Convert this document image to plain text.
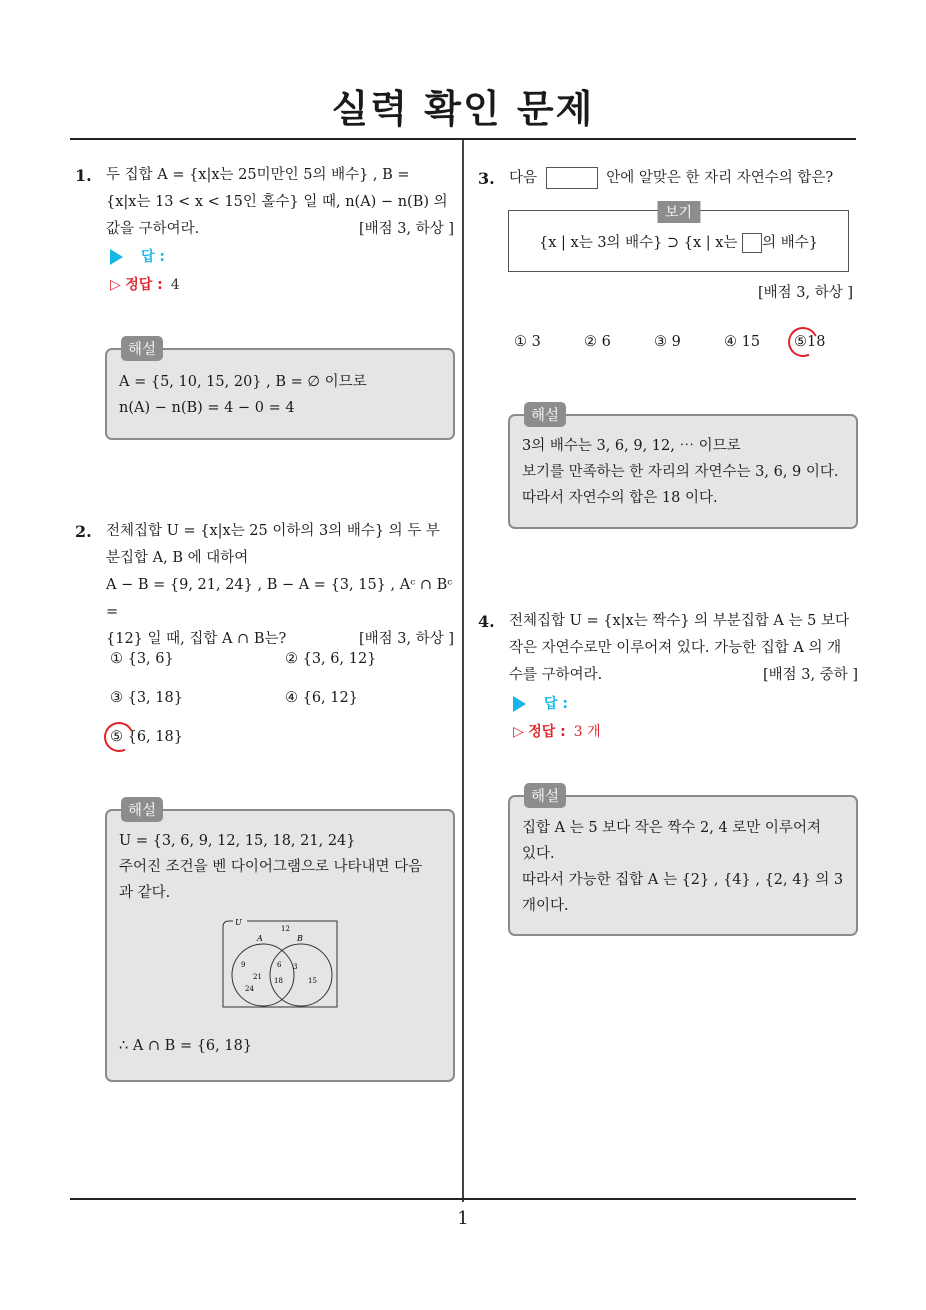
실력 확인 문제
1. 두 집합 A = {x|x는 25미만인 5의 배수} , B =
{x|x는 13 < x < 15인 홀수} 일 때, n(A) − n(B) 의
값을 구하여라.	[배점 3, 하상 ]
답 :
▷ 정답 : 4
해설
A = {5, 10, 15, 20} , B = ∅ 이므로
n(A) − n(B) = 4 − 0 = 4
2. 전체집합 U = {x|x는 25 이하의 3의 배수} 의 두 부
분집합 A, B 에 대하여
A − B = {9, 21, 24} , B − A = {3, 15} , Aᶜ ∩ Bᶜ =
{12} 일 때, 집합 A ∩ B는?	[배점 3, 하상 ]
① {3, 6}	② {3, 6, 12}
③ {3, 18}	④ {6, 12}
⑤ {6, 18}
해설
U = {3, 6, 9, 12, 15, 18, 21, 24}
주어진 조건을 벤 다이어그램으로 나타내면 다음
과 같다.
U
A	B
12
9
21
24
6
18
3
15
∴ A ∩ B = {6, 18}
3. 다음	안에 알맞은 한 자리 자연수의 합은?
보기
{x | x는 3의 배수} ⊃ {x | x는 의 배수}
[배점 3, 하상 ]
① 3	② 6	③ 9	④ 15 ⑤
18
해설
3의 배수는 3, 6, 9, 12, ⋯ 이므로
보기를 만족하는 한 자리의 자연수는 3, 6, 9 이다.
따라서 자연수의 합은 18 이다.
4. 전체집합 U = {x|x는 짝수} 의 부분집합 A 는 5 보다
작은 자연수로만 이루어져 있다. 가능한 집합 A 의 개
수를 구하여라.	[배점 3, 중하 ]
답 :
▷ 정답 : 3 개
해설
집합 A 는 5 보다 작은 짝수 2, 4 로만 이루어져
있다.
따라서 가능한 집합 A 는 {2} , {4} , {2, 4} 의 3
개이다.
1
